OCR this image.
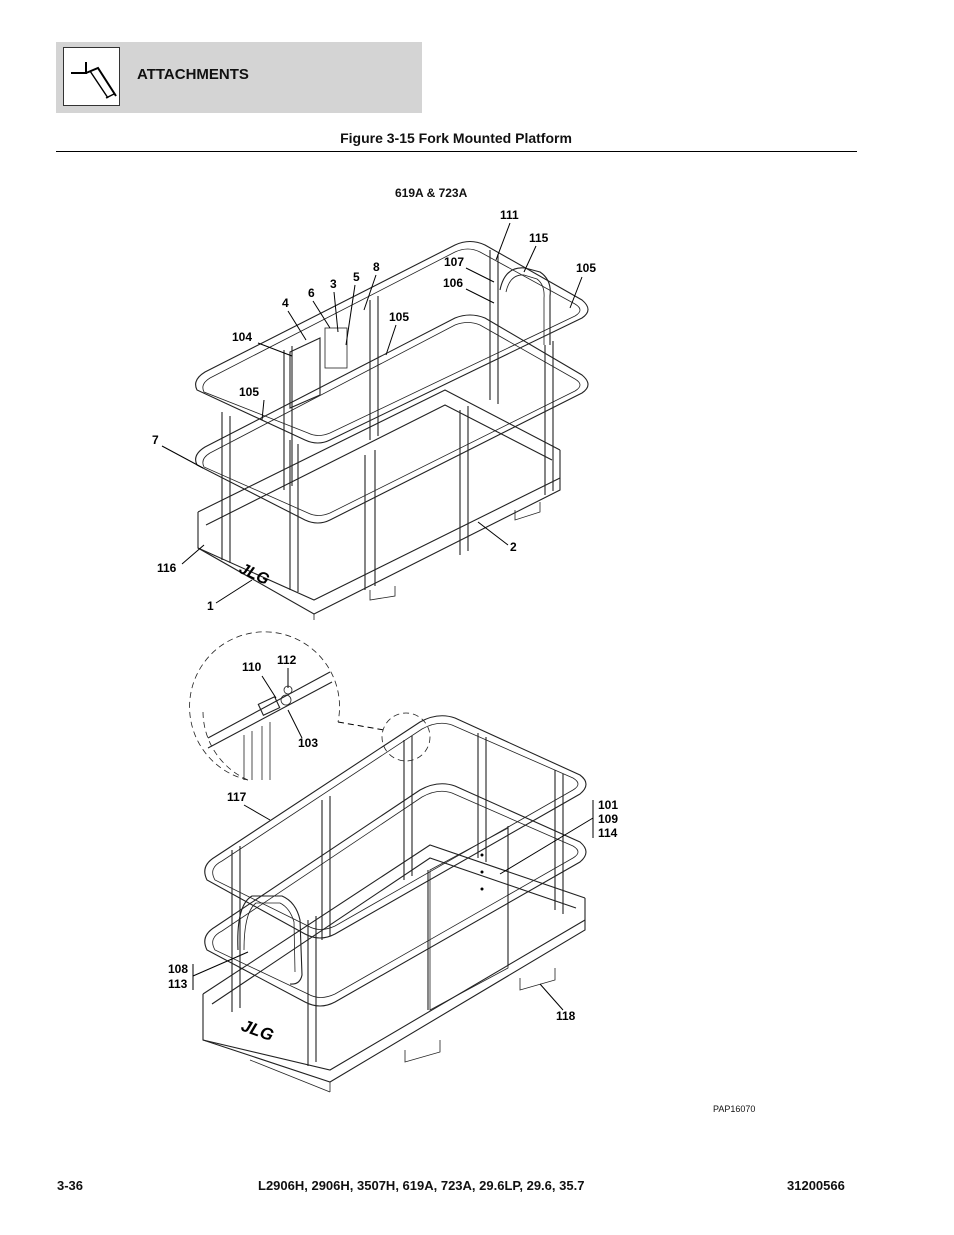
ATTACHMENTS
Figure 3-15 Fork Mounted Platform
619A & 723A
JLG
111
115
107
106
105
8
5
3
6
4
105
104
105
7
116
1
2
110 112
103
JLG
117
101
109
114
108
113
118
PAP16070
3-36	L2906H, 2906H, 3507H, 619A, 723A, 29.6LP, 29.6, 35.7	31200566
